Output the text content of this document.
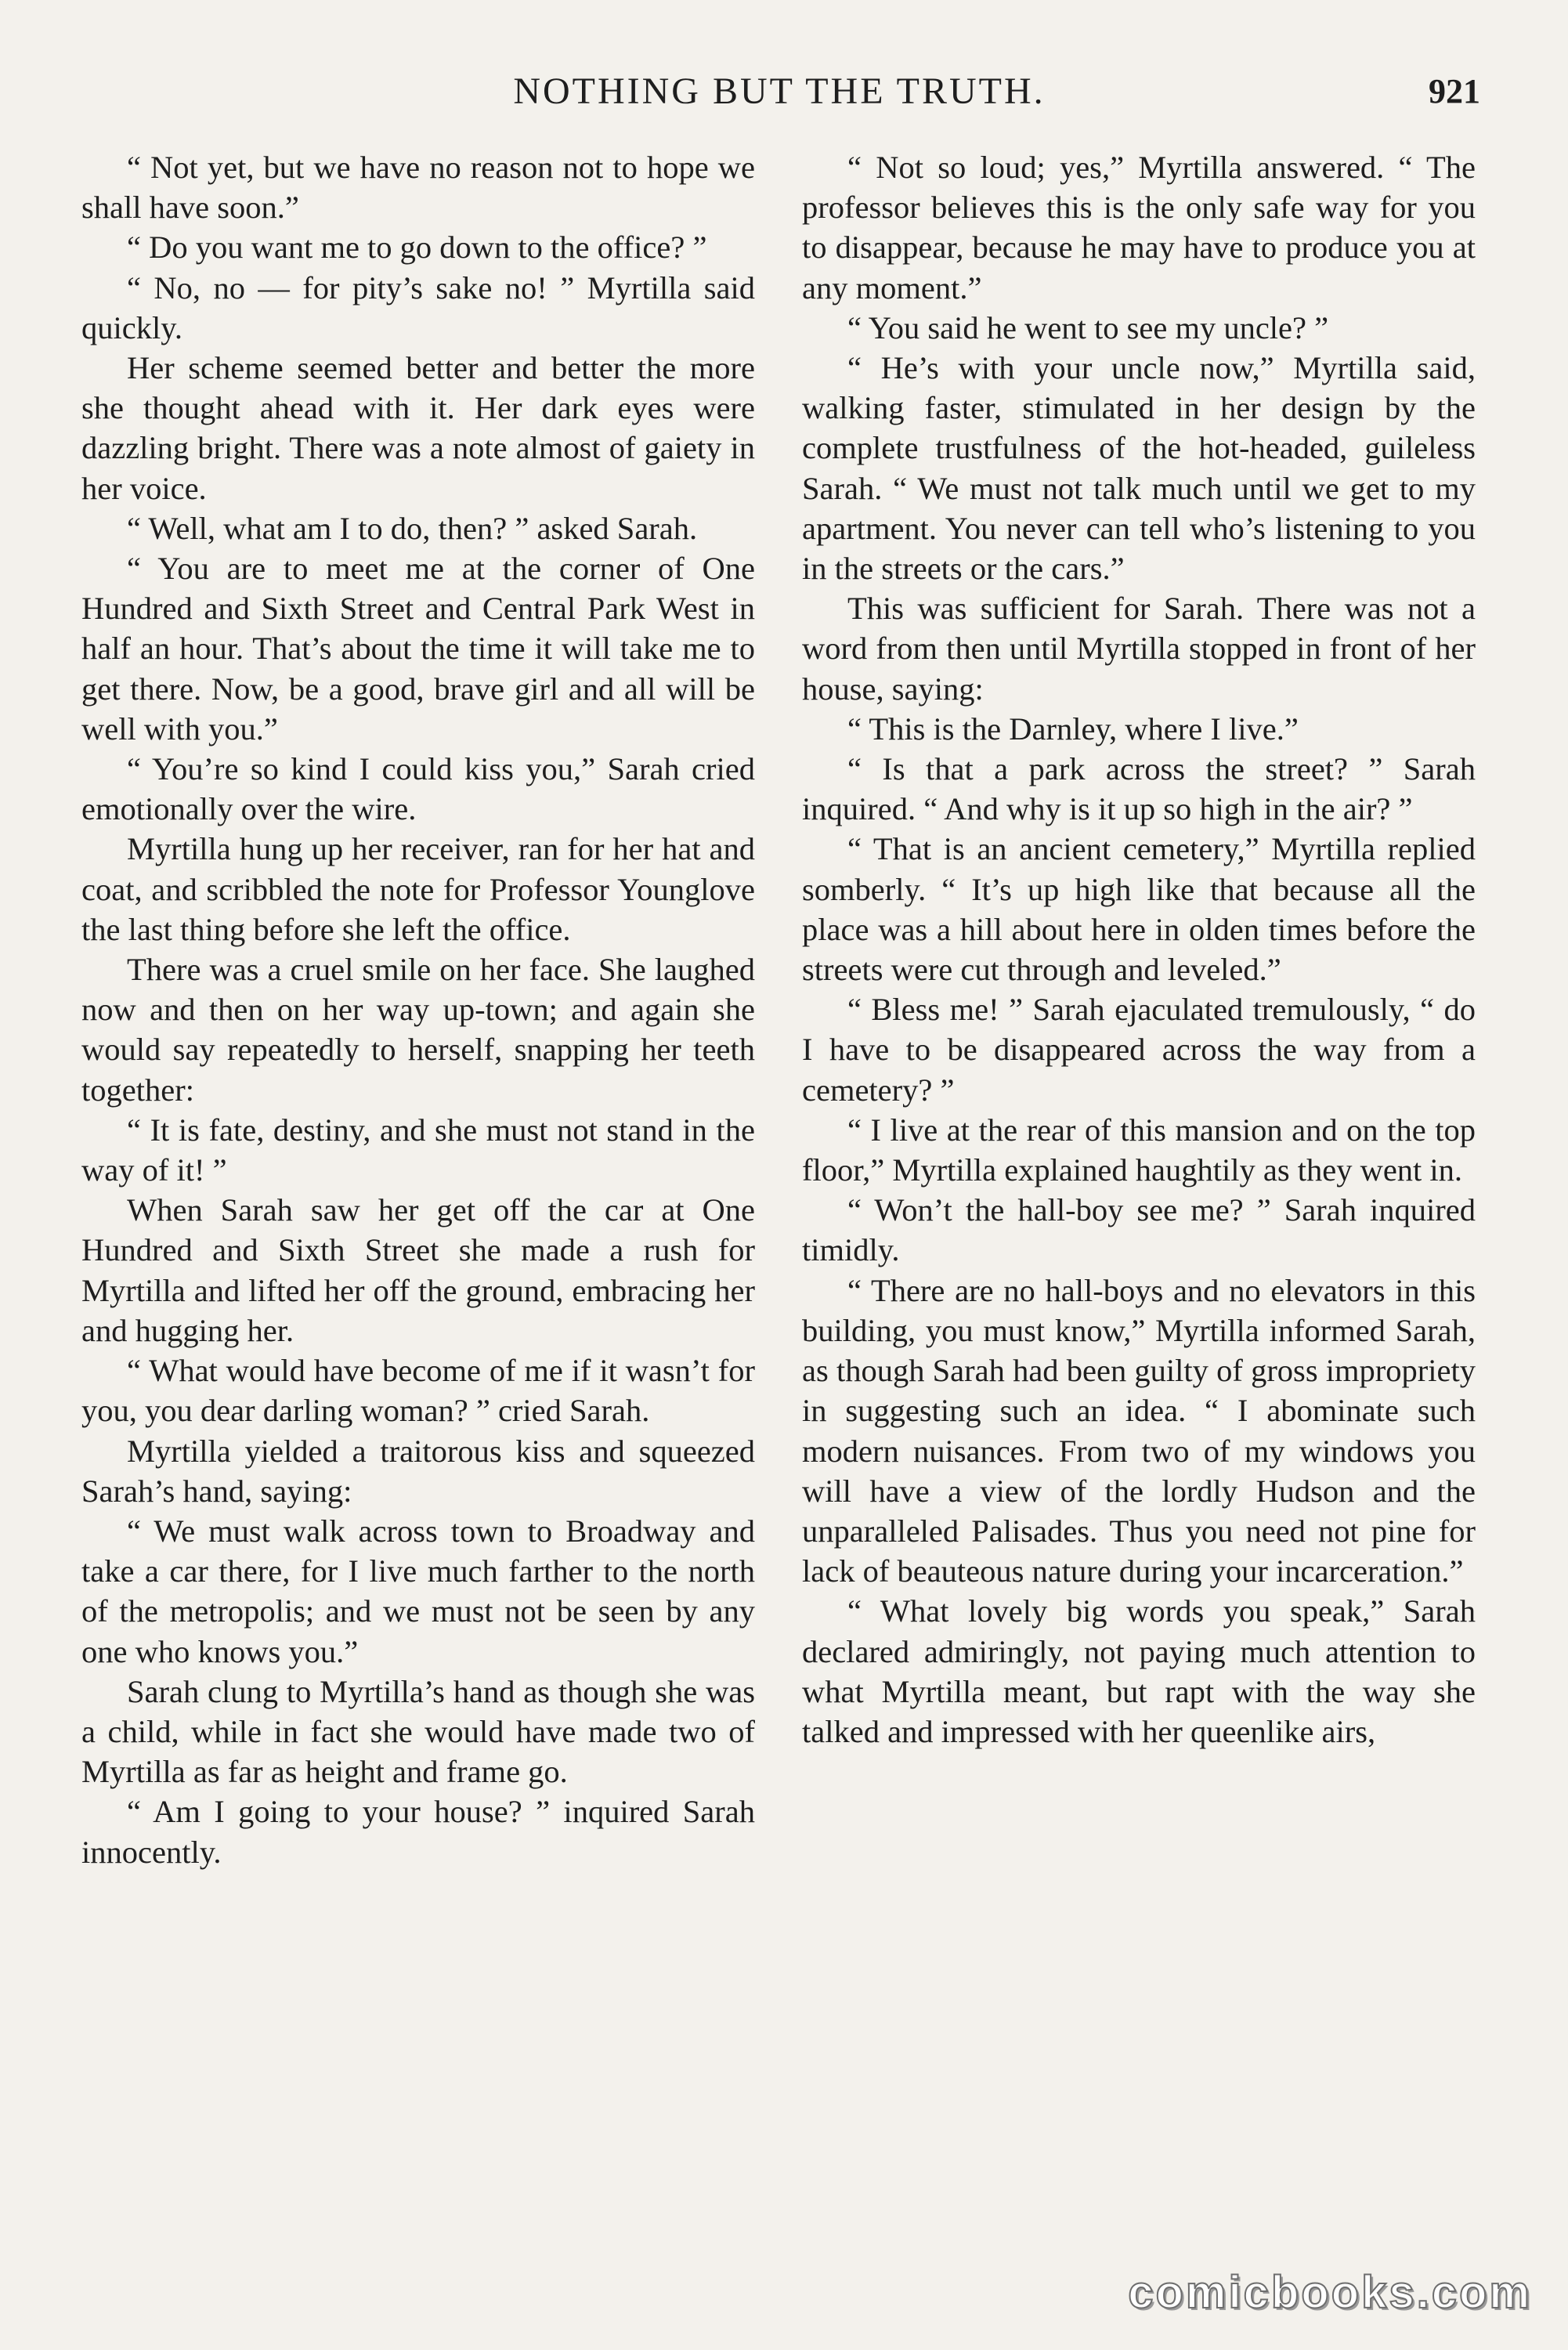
NOTHING BUT THE TRUTH.	921

“ Not yet, but we have no reason not to hope we shall have soon.”

“ Do you want me to go down to the office? ”

“ No, no — for pity’s sake no! ” Myrtilla said quickly.

Her scheme seemed better and better the more she thought ahead with it. Her dark eyes were dazzling bright. There was a note almost of gaiety in her voice.

“ Well, what am I to do, then? ” asked Sarah.

“ You are to meet me at the corner of One Hundred and Sixth Street and Central Park West in half an hour. That’s about the time it will take me to get there. Now, be a good, brave girl and all will be well with you.”

“ You’re so kind I could kiss you,” Sarah cried emotionally over the wire.

Myrtilla hung up her receiver, ran for her hat and coat, and scribbled the note for Professor Younglove the last thing before she left the office.

There was a cruel smile on her face. She laughed now and then on her way up-town; and again she would say repeatedly to herself, snapping her teeth together:

“ It is fate, destiny, and she must not stand in the way of it! ”

When Sarah saw her get off the car at One Hundred and Sixth Street she made a rush for Myrtilla and lifted her off the ground, embracing her and hugging her.

“ What would have become of me if it wasn’t for you, you dear darling woman? ” cried Sarah.

Myrtilla yielded a traitorous kiss and squeezed Sarah’s hand, saying:

“ We must walk across town to Broadway and take a car there, for I live much farther to the north of the metropolis; and we must not be seen by any one who knows you.”

Sarah clung to Myrtilla’s hand as though she was a child, while in fact she would have made two of Myrtilla as far as height and frame go.

“ Am I going to your house? ” inquired Sarah innocently.

“ Not so loud; yes,” Myrtilla answered. “ The professor believes this is the only safe way for you to disappear, because he may have to produce you at any moment.”

“ You said he went to see my uncle? ”

“ He’s with your uncle now,” Myrtilla said, walking faster, stimulated in her design by the complete trustfulness of the hot-headed, guileless Sarah. “ We must not talk much until we get to my apartment. You never can tell who’s listening to you in the streets or the cars.”

This was sufficient for Sarah. There was not a word from then until Myrtilla stopped in front of her house, saying:

“ This is the Darnley, where I live.”

“ Is that a park across the street? ” Sarah inquired. “ And why is it up so high in the air? ”

“ That is an ancient cemetery,” Myrtilla replied somberly. “ It’s up high like that because all the place was a hill about here in olden times before the streets were cut through and leveled.”

“ Bless me! ” Sarah ejaculated tremulously, “ do I have to be disappeared across the way from a cemetery? ”

“ I live at the rear of this mansion and on the top floor,” Myrtilla explained haughtily as they went in.

“ Won’t the hall-boy see me? ” Sarah inquired timidly.

“ There are no hall-boys and no elevators in this building, you must know,” Myrtilla informed Sarah, as though Sarah had been guilty of gross impropriety in suggesting such an idea. “ I abominate such modern nuisances. From two of my windows you will have a view of the lordly Hudson and the unparalleled Palisades. Thus you need not pine for lack of beauteous nature during your incarceration.”

“ What lovely big words you speak,” Sarah declared admiringly, not paying much attention to what Myrtilla meant, but rapt with the way she talked and impressed with her queenlike airs,

comicbooks.com
